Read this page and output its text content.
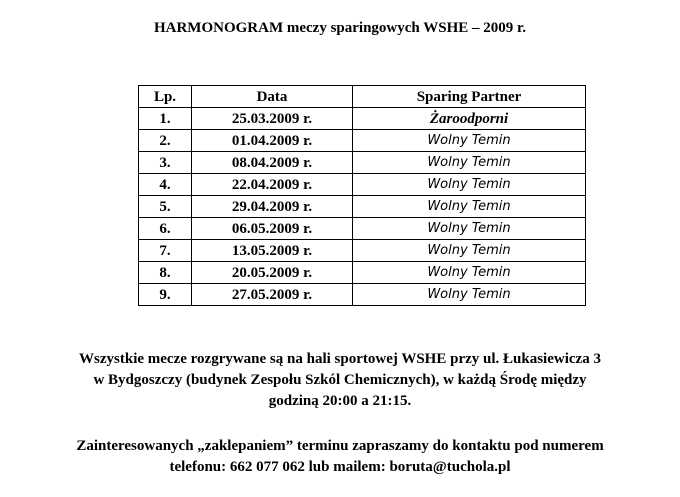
HARMONOGRAM meczy sparingowych WSHE – 2009 r.
Lp.	Data	Sparing Partner
1.	25.03.2009 r.	Żaroodporni
2.	01.04.2009 r.	Wolny Temin
3.	08.04.2009 r.	Wolny Temin
4.	22.04.2009 r.	Wolny Temin
5.	29.04.2009 r.	Wolny Temin
6.	06.05.2009 r.	Wolny Temin
7.	13.05.2009 r.	Wolny Temin
8.	20.05.2009 r.	Wolny Temin
9.	27.05.2009 r.	Wolny Temin
Wszystkie mecze rozgrywane są na hali sportowej WSHE przy ul. Łukasiewicza 3
w Bydgoszczy (budynek Zespołu Szkól Chemicznych), w każdą Środę między
godziną 20:00 a 21:15.
Zainteresowanych „zaklepaniem” terminu zapraszamy do kontaktu pod numerem
telefonu: 662 077 062 lub mailem: boruta@tuchola.pl
